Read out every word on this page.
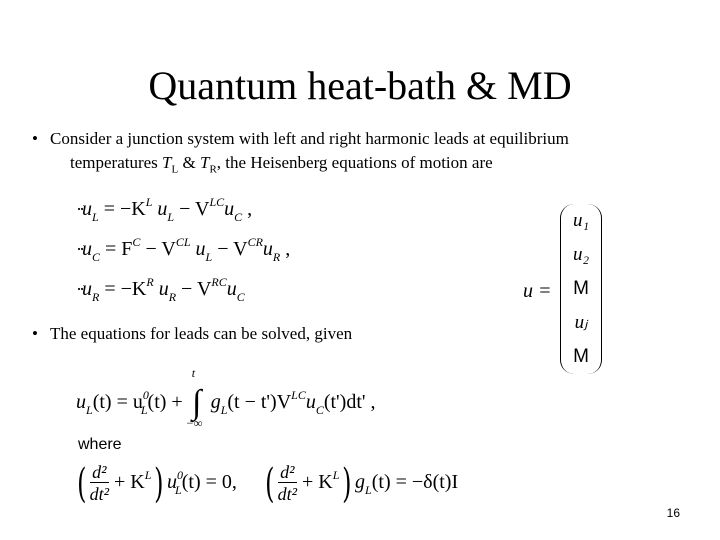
Quantum heat-bath & MD
• Consider a junction system with left and right harmonic leads at equilibrium
temperatures $T_L$ & $T_R$, the Heisenberg equations of motion are
$\cdot\cdot u_L = -K^L$ $u_L - V^{LC}u_C$ ,
$\cdot\cdot u_C = F^C - V^{CL}$ $u_L - V^{CR}u_R$ ,
$\cdot\cdot u_R = -K^R$ $u_R - V^{RC}u_C$	u =
u₁
u₂
M
uⱼ
M
• The equations for leads can be solved, given
$u_L(t) = u^0_L(t)$ +
t
∫
−∞
$g_L(t - t')V^{LC}u_C(t')dt'$ ,
where
( $\frac{\text{d²}}{\text{dt²}} + K^L$) $u^0_L(t) = 0$, ( $\frac{\text{d²}}{\text{dt²}} + K^L$) $g_L(t) = -\delta(t)I$
16
